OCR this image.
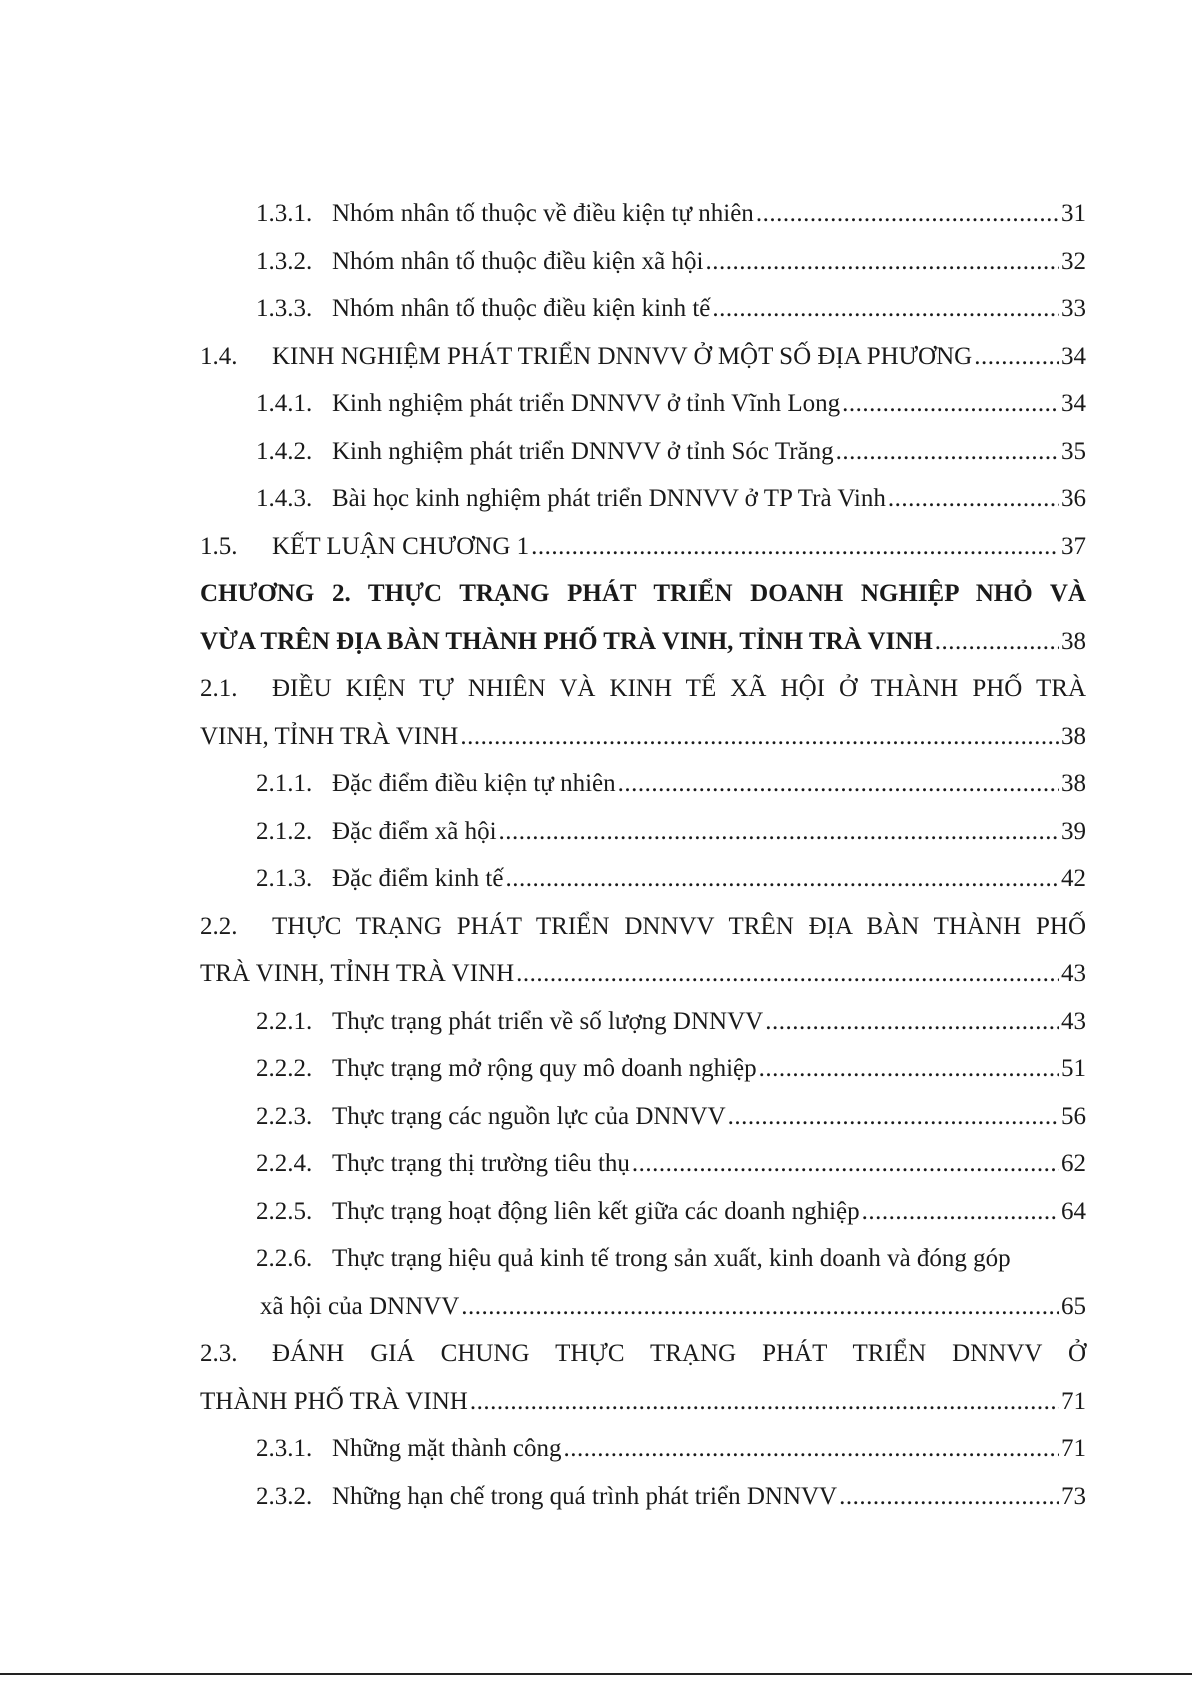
1.3.1. Nhóm nhân tố thuộc về điều kiện tự nhiên .....	31
1.3.2. Nhóm nhân tố thuộc điều kiện xã hội .....	32
1.3.3. Nhóm nhân tố thuộc điều kiện kinh tế .....	33
1.4.	KINH NGHIỆM PHÁT TRIỂN DNNVV Ở MỘT SỐ ĐỊA PHƯƠNG .....	34
1.4.1. Kinh nghiệm phát triển DNNVV ở tỉnh Vĩnh Long .....	34
1.4.2. Kinh nghiệm phát triển DNNVV ở tỉnh Sóc Trăng .....	35
1.4.3. Bài học kinh nghiệm phát triển DNNVV ở TP Trà Vinh .....	36
1.5.	KẾT LUẬN CHƯƠNG 1 .....	37
CHƯƠNG 2. THỰC TRẠNG PHÁT TRIỂN DOANH NGHIỆP NHỎ VÀ
VỪA TRÊN ĐỊA BÀN THÀNH PHỐ TRÀ VINH, TỈNH TRÀ VINH .....	38
2.1.	ĐIỀU KIỆN TỰ NHIÊN VÀ KINH TẾ XÃ HỘI Ở THÀNH PHỐ TRÀ
VINH, TỈNH TRÀ VINH .....	38
2.1.1. Đặc điểm điều kiện tự nhiên .....	38
2.1.2. Đặc điểm xã hội .....	39
2.1.3. Đặc điểm kinh tế .....	42
2.2.	THỰC TRẠNG PHÁT TRIỂN DNNVV TRÊN ĐỊA BÀN THÀNH PHỐ
TRÀ VINH, TỈNH TRÀ VINH .....	43
2.2.1. Thực trạng phát triển về số lượng DNNVV .....	43
2.2.2. Thực trạng mở rộng quy mô doanh nghiệp .....	51
2.2.3. Thực trạng các nguồn lực của DNNVV .....	56
2.2.4. Thực trạng thị trường tiêu thụ .....	62
2.2.5. Thực trạng hoạt động liên kết giữa các doanh nghiệp .....	64
2.2.6. Thực trạng hiệu quả kinh tế trong sản xuất, kinh doanh và đóng góp
xã hội của DNNVV .....	65
2.3.	ĐÁNH GIÁ CHUNG THỰC TRẠNG PHÁT TRIỂN DNNVV Ở
THÀNH PHỐ TRÀ VINH .....	71
2.3.1. Những mặt thành công .....	71
2.3.2. Những hạn chế trong quá trình phát triển DNNVV .....	73
